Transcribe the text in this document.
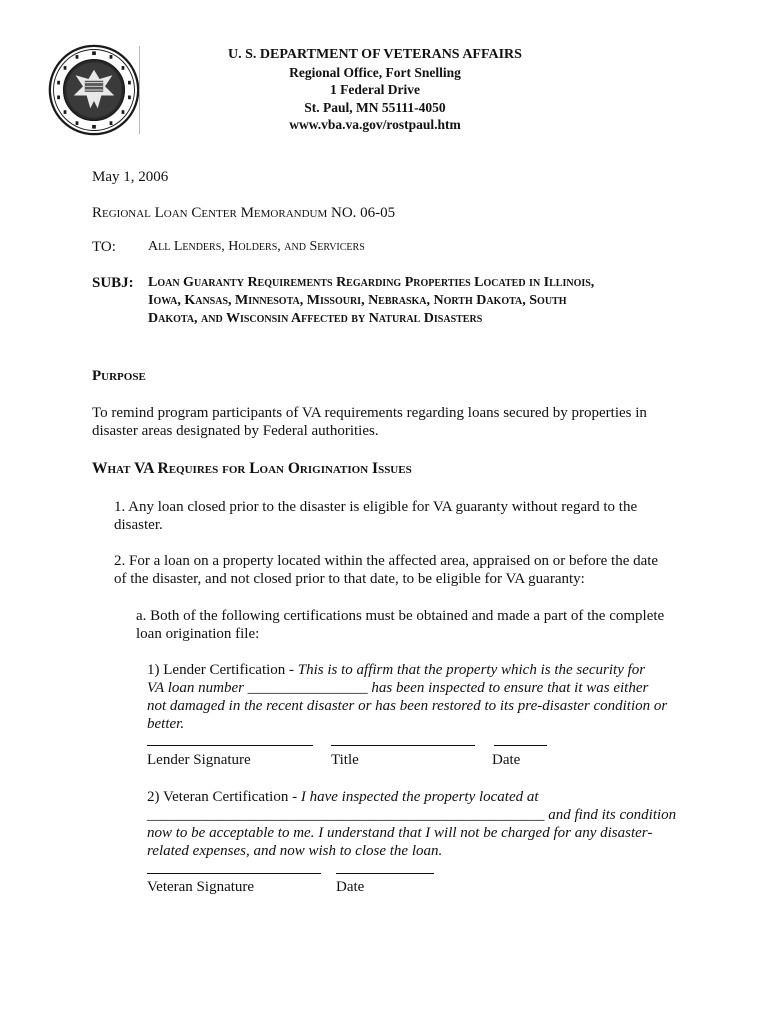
U. S. DEPARTMENT OF VETERANS AFFAIRS
Regional Office, Fort Snelling
1 Federal Drive
St. Paul, MN 55111-4050
www.vba.va.gov/rostpaul.htm
May 1, 2006
Regional Loan Center Memorandum NO. 06-05
TO: All Lenders, Holders, and Servicers
SUBJ: Loan Guaranty Requirements Regarding Properties Located in Illinois,
Iowa, Kansas, Minnesota, Missouri, Nebraska, North Dakota, South
Dakota, and Wisconsin Affected by Natural Disasters
Purpose
To remind program participants of VA requirements regarding loans secured by properties in
disaster areas designated by Federal authorities.
What VA Requires for Loan Origination Issues
1. Any loan closed prior to the disaster is eligible for VA guaranty without regard to the
disaster.
2. For a loan on a property located within the affected area, appraised on or before the date
of the disaster, and not closed prior to that date, to be eligible for VA guaranty:
a. Both of the following certifications must be obtained and made a part of the complete
loan origination file:
1) Lender Certification - This is to affirm that the property which is the security for
VA loan number ________________ has been inspected to ensure that it was either
not damaged in the recent disaster or has been restored to its pre-disaster condition or
better.
Lender Signature	Title	Date
2) Veteran Certification - I have inspected the property located at
_____________________________________________________ and find its condition
now to be acceptable to me. I understand that I will not be charged for any disaster-
related expenses, and now wish to close the loan.
Veteran Signature	Date
